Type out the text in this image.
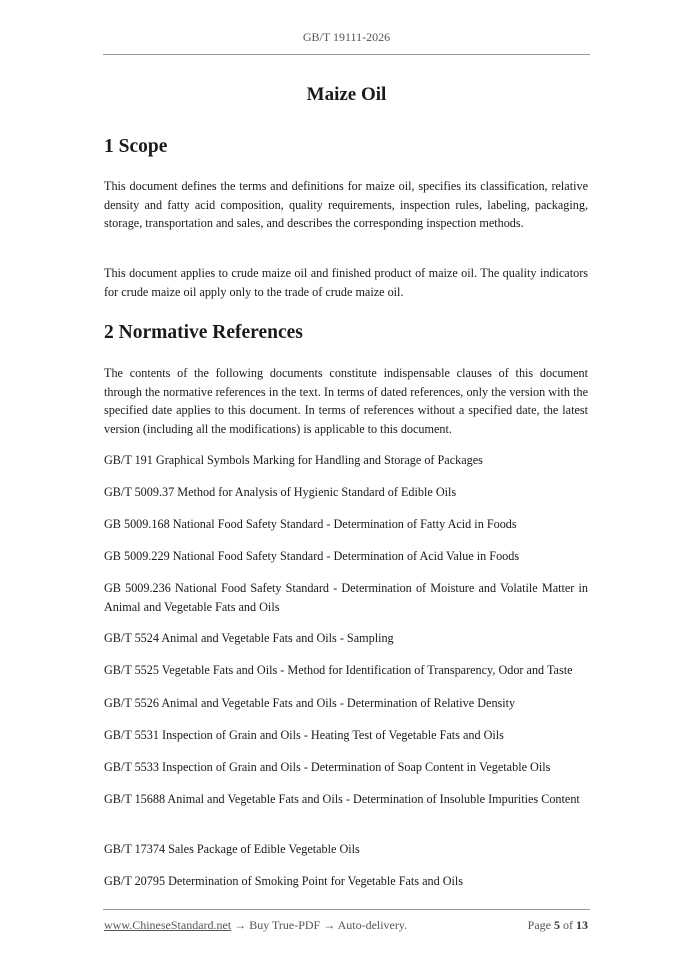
GB/T 19111-2026
Maize Oil
1 Scope

This document defines the terms and definitions for maize oil, specifies its classification, relative density and fatty acid composition, quality requirements, inspection rules, labeling, packaging, storage, transportation and sales, and describes the corresponding inspection methods.

This document applies to crude maize oil and finished product of maize oil. The quality indicators for crude maize oil apply only to the trade of crude maize oil.

2 Normative References

The contents of the following documents constitute indispensable clauses of this document through the normative references in the text. In terms of dated references, only the version with the specified date applies to this document. In terms of references without a specified date, the latest version (including all the modifications) is applicable to this document.

GB/T 191 Graphical Symbols Marking for Handling and Storage of Packages

GB/T 5009.37 Method for Analysis of Hygienic Standard of Edible Oils

GB 5009.168 National Food Safety Standard - Determination of Fatty Acid in Foods

GB 5009.229 National Food Safety Standard - Determination of Acid Value in Foods

GB 5009.236 National Food Safety Standard - Determination of Moisture and Volatile Matter in Animal and Vegetable Fats and Oils

GB/T 5524 Animal and Vegetable Fats and Oils - Sampling

GB/T 5525 Vegetable Fats and Oils - Method for Identification of Transparency, Odor and Taste

GB/T 5526 Animal and Vegetable Fats and Oils - Determination of Relative Density

GB/T 5531 Inspection of Grain and Oils - Heating Test of Vegetable Fats and Oils

GB/T 5533 Inspection of Grain and Oils - Determination of Soap Content in Vegetable Oils

GB/T 15688 Animal and Vegetable Fats and Oils - Determination of Insoluble Impurities Content

GB/T 17374 Sales Package of Edible Vegetable Oils

GB/T 20795 Determination of Smoking Point for Vegetable Fats and Oils

www.ChineseStandard.net → Buy True-PDF → Auto-delivery.	Page 5 of 13
